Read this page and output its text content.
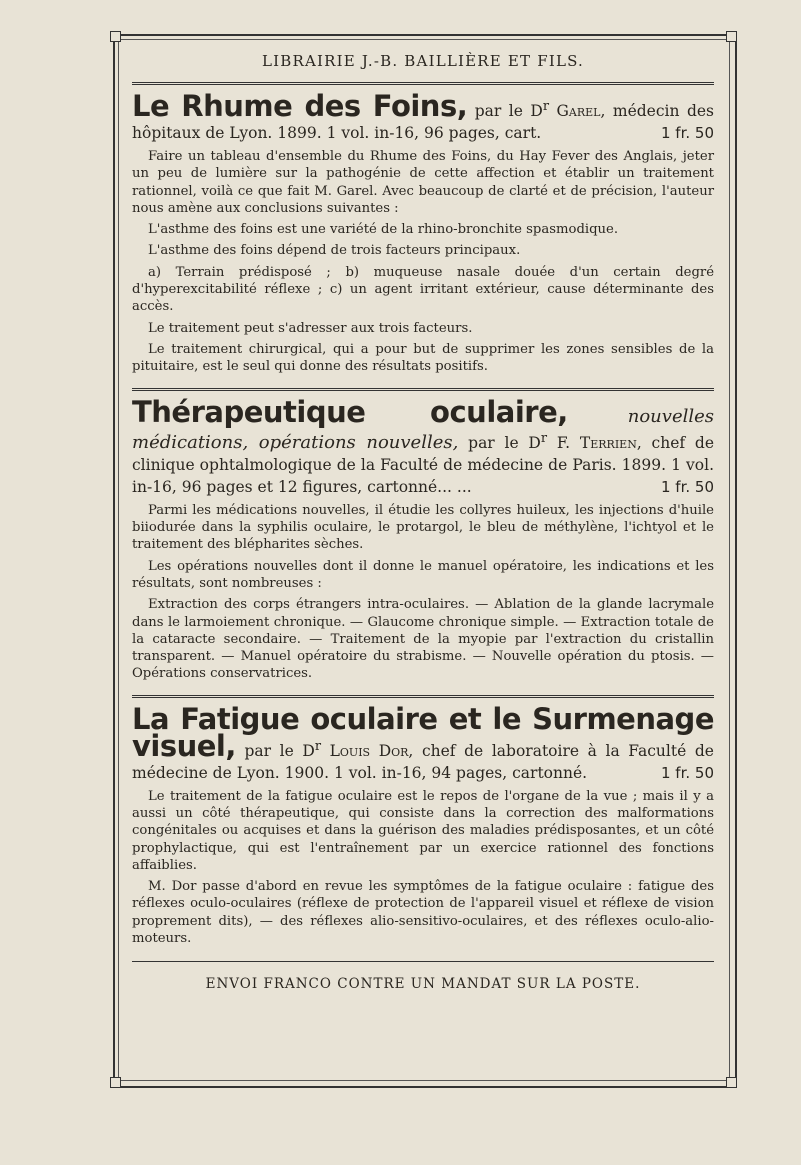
LIBRAIRIE J.-B. BAILLIÈRE ET FILS.
Le Rhume des Foins, par le $D^r$ Garel, médecin des hôpitaux de Lyon. 1899. 1 vol. in-16, 96 pages, cart.	1 fr. 50

Faire un tableau d'ensemble du Rhume des Foins, du Hay Fever des Anglais, jeter un peu de lumière sur la pathogénie de cette affection et établir un traitement rationnel, voilà ce que fait M. Garel. Avec beaucoup de clarté et de précision, l'auteur nous amène aux conclusions suivantes :

L'asthme des foins est une variété de la rhino-bronchite spasmodique.

L'asthme des foins dépend de trois facteurs principaux.

a) Terrain prédisposé ; b) muqueuse nasale douée d'un certain degré d'hyperexcitabilité réflexe ; c) un agent irritant extérieur, cause déterminante des accès.

Le traitement peut s'adresser aux trois facteurs.

Le traitement chirurgical, qui a pour but de supprimer les zones sensibles de la pituitaire, est le seul qui donne des résultats positifs.

Thérapeutique oculaire,	nouvelles médications, opérations nouvelles, par le $D^r$ F. Terrien, chef de clinique ophtalmologique de la Faculté de médecine de Paris. 1899. 1 vol. in-16, 96 pages et 12 figures, cartonné... ...	1 fr. 50

Parmi les médications nouvelles, il étudie les collyres huileux, les injections d'huile biiodurée dans la syphilis oculaire, le protargol, le bleu de méthylène, l'ichtyol et le traitement des blépharites sèches.

Les opérations nouvelles dont il donne le manuel opératoire, les indications et les résultats, sont nombreuses :

Extraction des corps étrangers intra-oculaires. — Ablation de la glande lacrymale dans le larmoiement chronique. — Glaucome chronique simple. — Extraction totale de la cataracte secondaire. — Traitement de la myopie par l'extraction du cristallin transparent. — Manuel opératoire du strabisme. — Nouvelle opération du ptosis. — Opérations conservatrices.

La Fatigue oculaire et le Surmenage visuel, par le $D^r$ Louis Dor, chef de laboratoire à la Faculté de médecine de Lyon. 1900. 1 vol. in-16, 94 pages, cartonné.	1 fr. 50

Le traitement de la fatigue oculaire est le repos de l'organe de la vue ; mais il y a aussi un côté thérapeutique, qui consiste dans la correction des malformations congénitales ou acquises et dans la guérison des maladies prédisposantes, et un côté prophylactique, qui est l'entraînement par un exercice rationnel des fonctions affaiblies.

M. Dor passe d'abord en revue les symptômes de la fatigue oculaire : fatigue des réflexes oculo-oculaires (réflexe de protection de l'appareil visuel et réflexe de vision proprement dits), — des réflexes alio-sensitivo-oculaires, et des réflexes oculo-alio-moteurs.

ENVOI FRANCO CONTRE UN MANDAT SUR LA POSTE.
